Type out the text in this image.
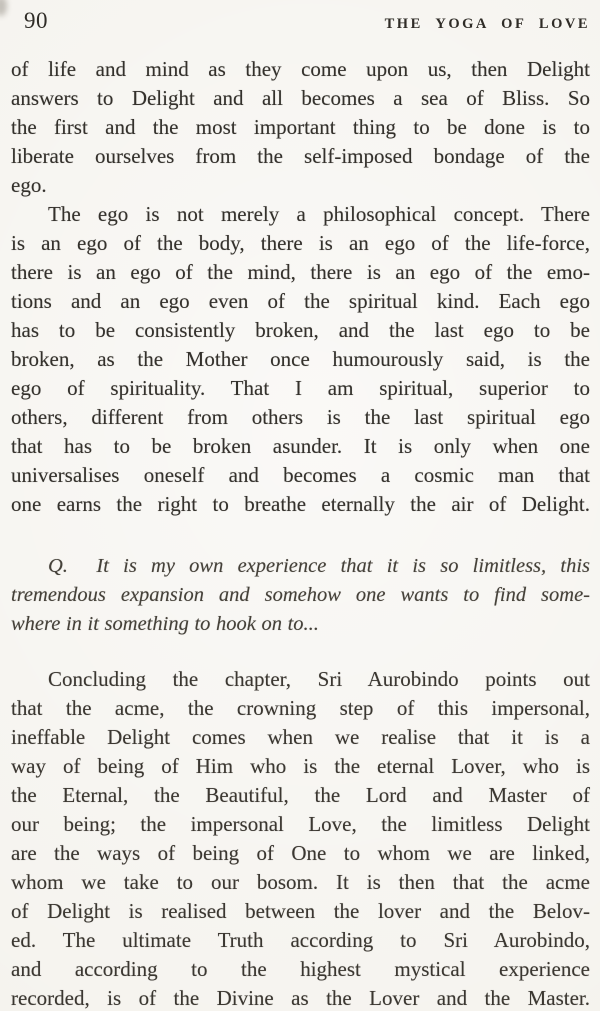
90	THE YOGA OF LOVE
of life and mind as they come upon us, then Delight
answers to Delight and all becomes a sea of Bliss. So
the first and the most important thing to be done is to
liberate ourselves from the self-imposed bondage of the
ego.
The ego is not merely a philosophical concept. There
is an ego of the body, there is an ego of the life-force,
there is an ego of the mind, there is an ego of the emo-
tions and an ego even of the spiritual kind. Each ego
has to be consistently broken, and the last ego to be
broken, as the Mother once humourously said, is the
ego of spirituality. That I am spiritual, superior to
others, different from others is the last spiritual ego
that has to be broken asunder. It is only when one
universalises oneself and becomes a cosmic man that
one earns the right to breathe eternally the air of Delight.
Q.  It is my own experience that it is so limitless, this
tremendous expansion and somehow one wants to find some-
where in it something to hook on to...
Concluding the chapter, Sri Aurobindo points out
that the acme, the crowning step of this impersonal,
ineffable Delight comes when we realise that it is a
way of being of Him who is the eternal Lover, who is
the Eternal, the Beautiful, the Lord and Master of
our being; the impersonal Love, the limitless Delight
are the ways of being of One to whom we are linked,
whom we take to our bosom. It is then that the acme
of Delight is realised between the lover and the Belov-
ed. The ultimate Truth according to Sri Aurobindo,
and according to the highest mystical experience
recorded, is of the Divine as the Lover and the Master.
